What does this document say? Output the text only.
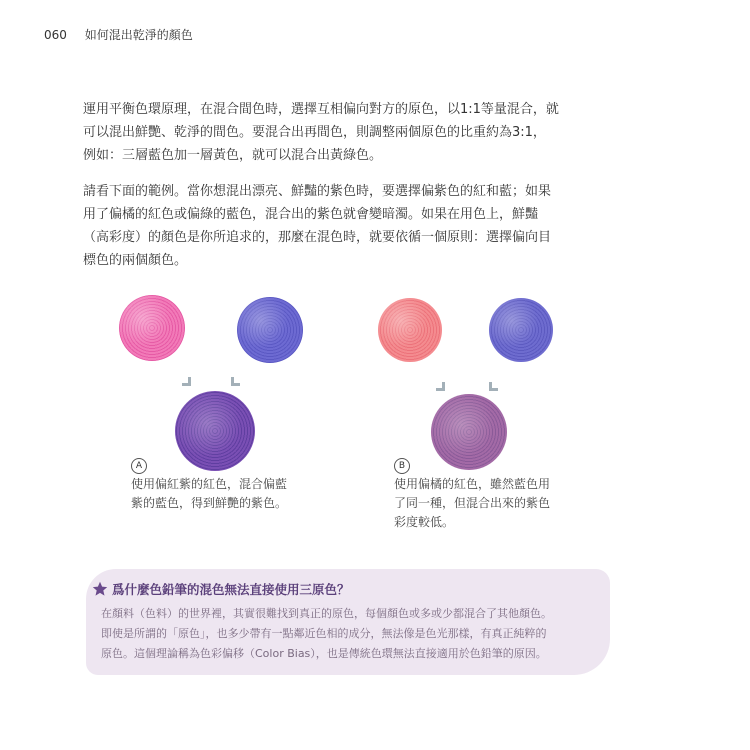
060 如何混出乾淨的顏色
運用平衡色環原理，在混合間色時，選擇互相偏向對方的原色，以1:1等量混合，就
可以混出鮮艷、乾淨的間色。要混合出再間色，則調整兩個原色的比重約為3:1，
例如：三層藍色加一層黃色，就可以混合出黃綠色。
請看下面的範例。當你想混出漂亮、鮮豔的紫色時，要選擇偏紫色的紅和藍；如果
用了偏橘的紅色或偏綠的藍色，混合出的紫色就會變暗濁。如果在用色上，鮮豔
（高彩度）的顏色是你所追求的，那麼在混色時，就要依循一個原則：選擇偏向目
標色的兩個顏色。
A
使用偏紅紫的紅色，混合偏藍
紫的藍色，得到鮮艷的紫色。
B
使用偏橘的紅色，雖然藍色用
了同一種，但混合出來的紫色
彩度較低。
爲什麼色鉛筆的混色無法直接使用三原色？
在顏料（色料）的世界裡，其實很難找到真正的原色，每個顏色或多或少都混合了其他顏色。
即使是所謂的「原色」，也多少帶有一點鄰近色相的成分，無法像是色光那樣，有真正純粹的
原色。這個理論稱為色彩偏移（Color Bias），也是傳統色環無法直接適用於色鉛筆的原因。
